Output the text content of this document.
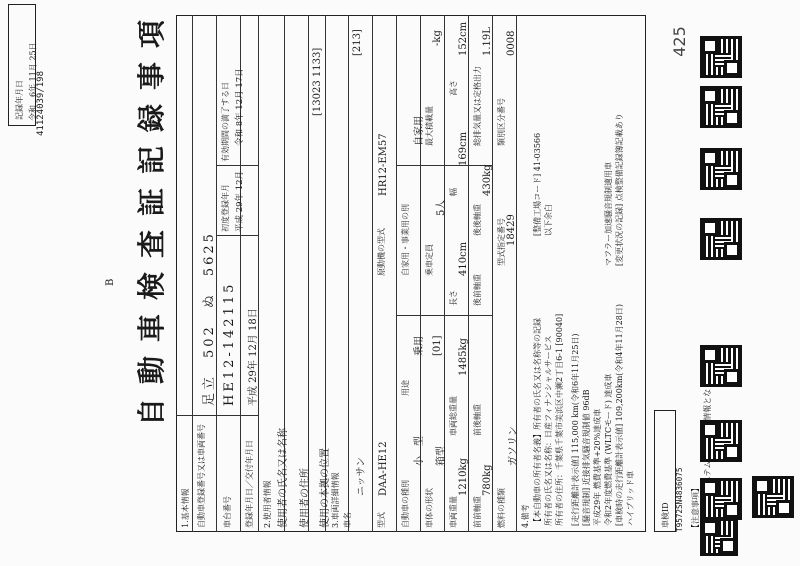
記録年月日 令和　6年 11月 25日
41124039/198
B 自動車検査証記録事項
1.基本情報 自動車登録番号又は車両番号
足立　502　ぬ　5625
車台番号
HE12-142115
初度登録年月 平成 29年 12月
有効期間の満了する日 令和 8年 12月 17日
登録年月日／交付年月日
平成 29年 12月 18日
2.使用者情報 使用者の氏名又は名称	使用者の住所
[13023 1133]
使用の本拠の位置 3.車両詳細情報 車名
ニッサン
[213]
型式
DAA-HE12
原動機の型式
HR12-EM57
自動車の種別
小　型
用途
乗用
自家用・事業用の別
自家用
車体の形状
箱型
[01]
乗車定員
5人
最大積載量
-kg
車両重量
1210kg
車両総重量
1485kg
長さ
410cm
幅
169cm
高さ
152cm
前前軸重
780kg
前後軸重
後前軸重
後後軸重
430kg
総排気量又は定格出力
1.19L
燃料の種類
ガソリン
型式指定番号 18429
類別区分番号
0008
4.備考 【本自動車の所有者名義】所有者の氏名又は名称等の記録 所有者の氏名又は名称：日産フィナンシャルサービス 所有者の住所：千葉県千葉市美浜区中瀬2丁目6-1 [90040]
[整備工場コード] 41-03566 以下余白
[走行距離計表示値] 115,000 km(令和6年11月25日) [騒音規制] 近接排気騒音規制値 96dB 平成29年 燃費基準+20%達成車 令和2年度燃費基準 (WLTCモード) 達成車 [車検時の走行距離計表示値] 109,200km(令和4年11月28日) ハイブリッド車
マフラー加速騒音規制適用車 [変更状況の記録] 点検整備記録簿記載あり
車検ID T9572SN4836075 【注意事項】
425
